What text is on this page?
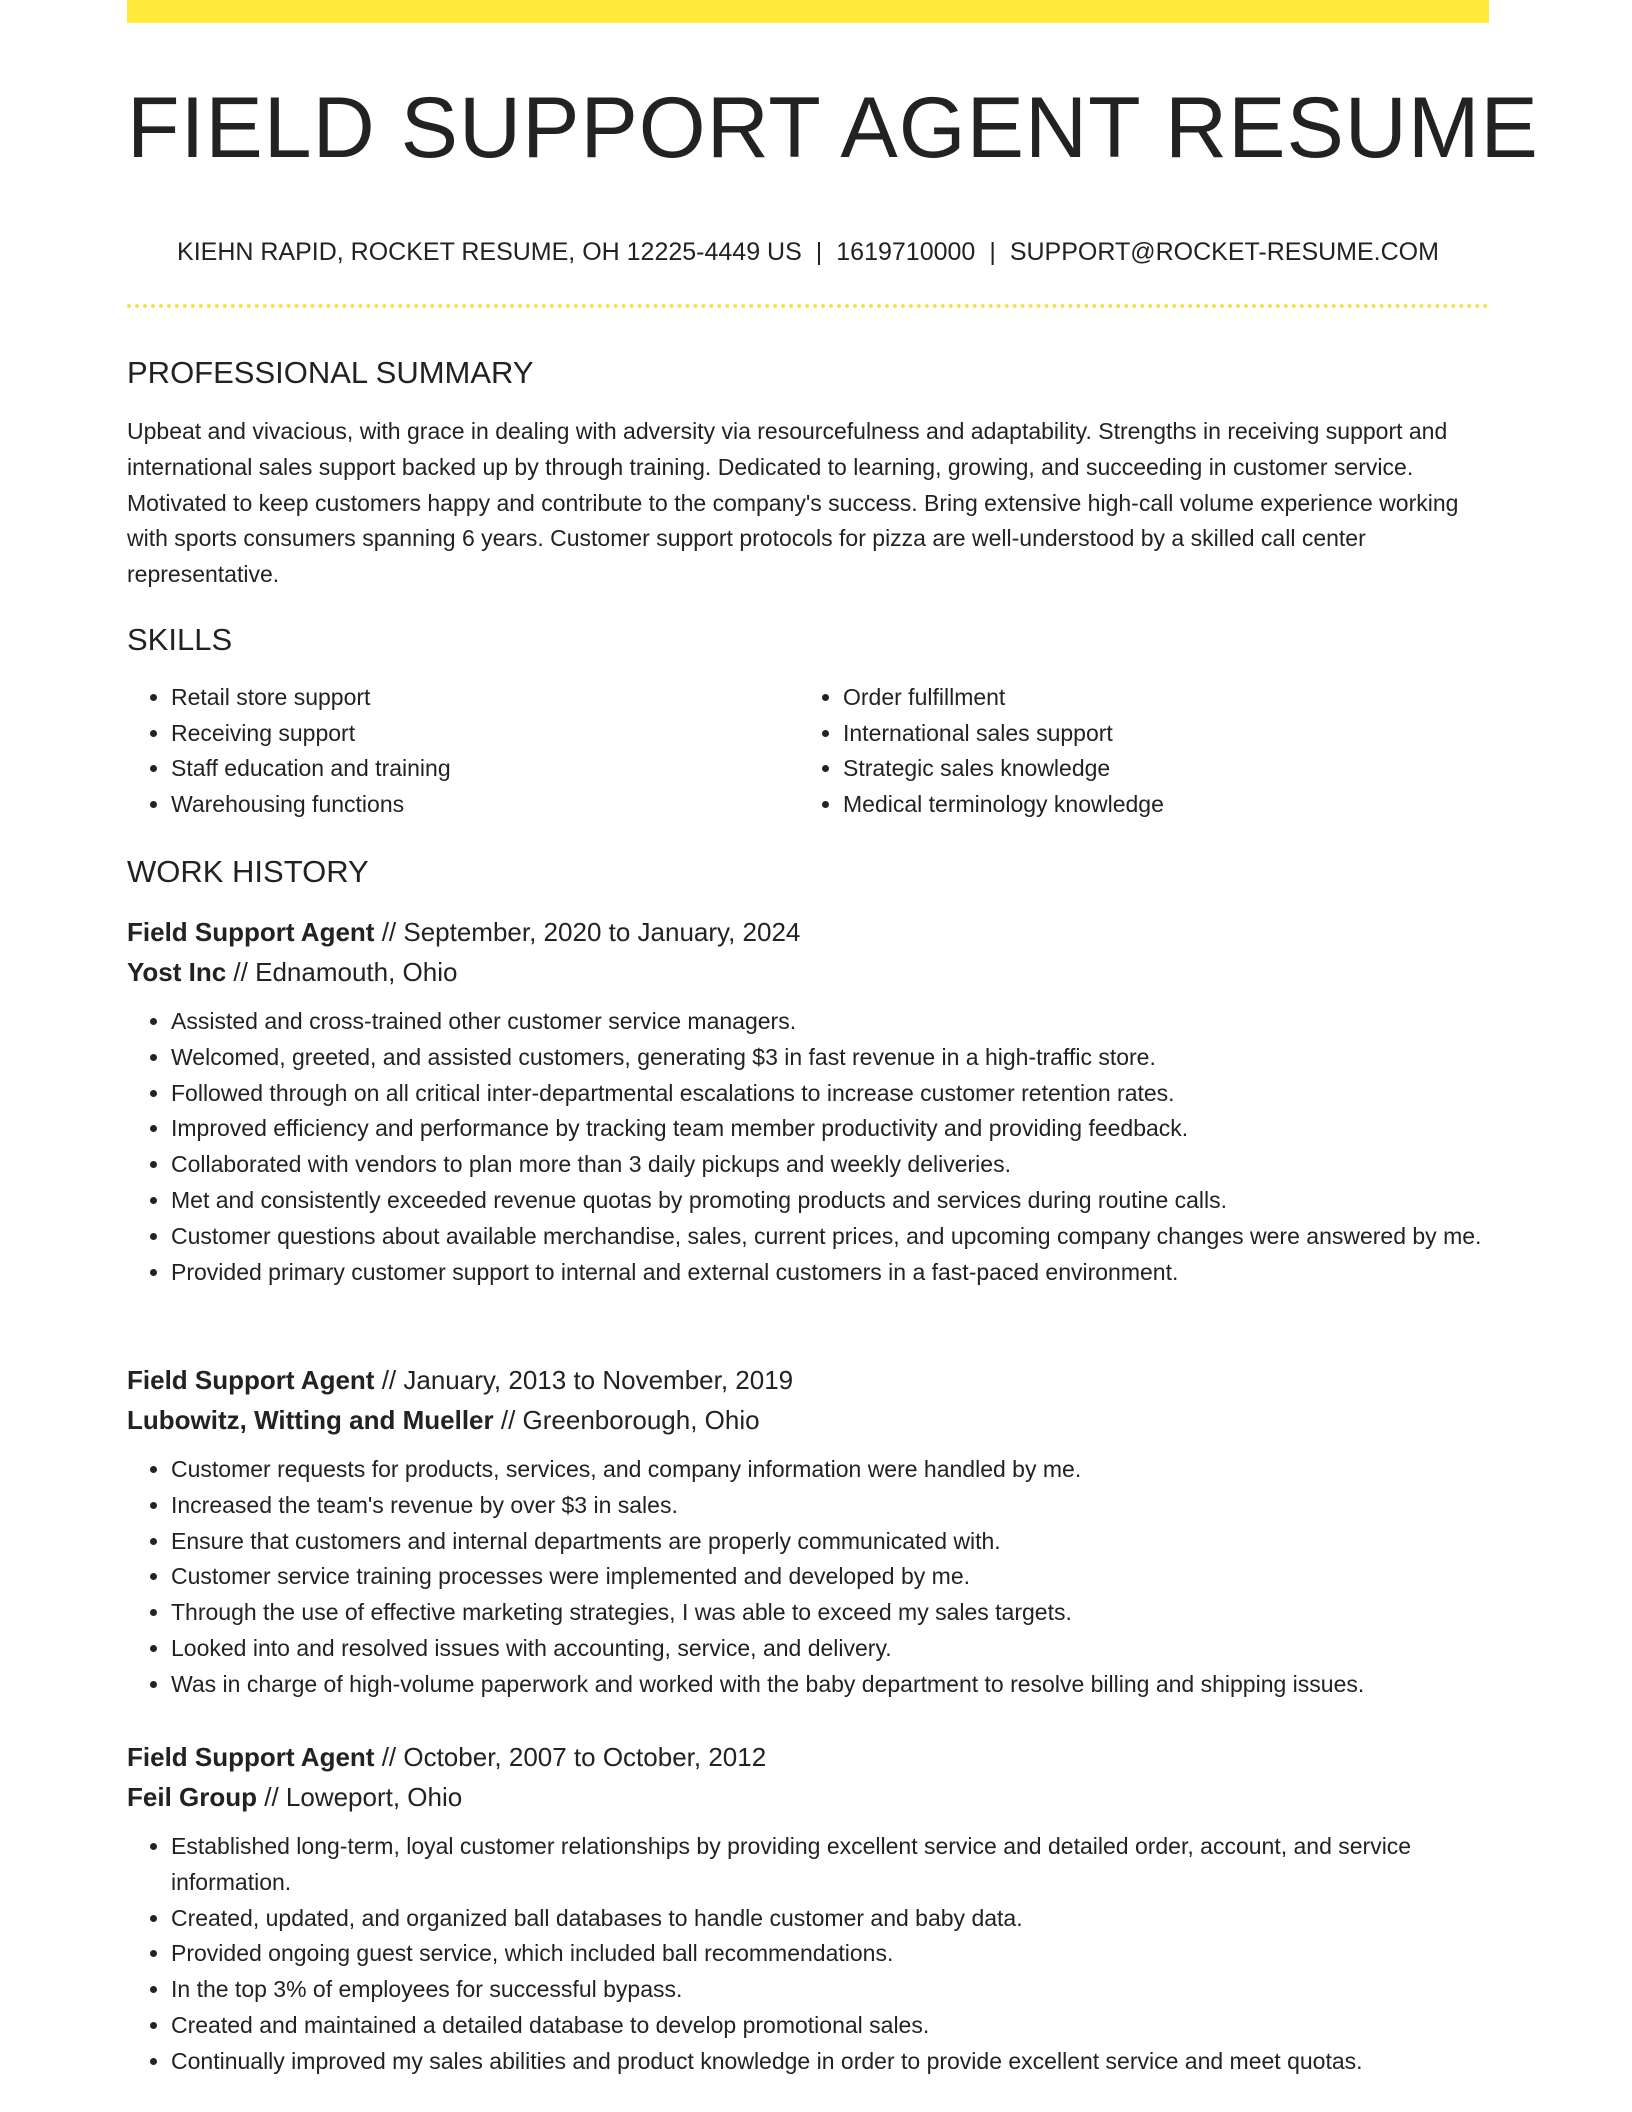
FIELD SUPPORT AGENT RESUME
KIEHN RAPID, ROCKET RESUME, OH 12225-4449 US | 1619710000 | SUPPORT@ROCKET-RESUME.COM
PROFESSIONAL SUMMARY
Upbeat and vivacious, with grace in dealing with adversity via resourcefulness and adaptability. Strengths in receiving support and international sales support backed up by through training. Dedicated to learning, growing, and succeeding in customer service. Motivated to keep customers happy and contribute to the company's success. Bring extensive high-call volume experience working with sports consumers spanning 6 years. Customer support protocols for pizza are well-understood by a skilled call center representative.
SKILLS
• Retail store support
• Receiving support
• Staff education and training
• Warehousing functions
• Order fulfillment
• International sales support
• Strategic sales knowledge
• Medical terminology knowledge
WORK HISTORY
Field Support Agent // September, 2020 to January, 2024
Yost Inc // Ednamouth, Ohio
• Assisted and cross-trained other customer service managers.
• Welcomed, greeted, and assisted customers, generating $3 in fast revenue in a high-traffic store.
• Followed through on all critical inter-departmental escalations to increase customer retention rates.
• Improved efficiency and performance by tracking team member productivity and providing feedback.
• Collaborated with vendors to plan more than 3 daily pickups and weekly deliveries.
• Met and consistently exceeded revenue quotas by promoting products and services during routine calls.
• Customer questions about available merchandise, sales, current prices, and upcoming company changes were answered by me.
• Provided primary customer support to internal and external customers in a fast-paced environment.
Field Support Agent // January, 2013 to November, 2019
Lubowitz, Witting and Mueller // Greenborough, Ohio
• Customer requests for products, services, and company information were handled by me.
• Increased the team's revenue by over $3 in sales.
• Ensure that customers and internal departments are properly communicated with.
• Customer service training processes were implemented and developed by me.
• Through the use of effective marketing strategies, I was able to exceed my sales targets.
• Looked into and resolved issues with accounting, service, and delivery.
• Was in charge of high-volume paperwork and worked with the baby department to resolve billing and shipping issues.
Field Support Agent // October, 2007 to October, 2012
Feil Group // Loweport, Ohio
• Established long-term, loyal customer relationships by providing excellent service and detailed order, account, and service information.
• Created, updated, and organized ball databases to handle customer and baby data.
• Provided ongoing guest service, which included ball recommendations.
• In the top 3% of employees for successful bypass.
• Created and maintained a detailed database to develop promotional sales.
• Continually improved my sales abilities and product knowledge in order to provide excellent service and meet quotas.
